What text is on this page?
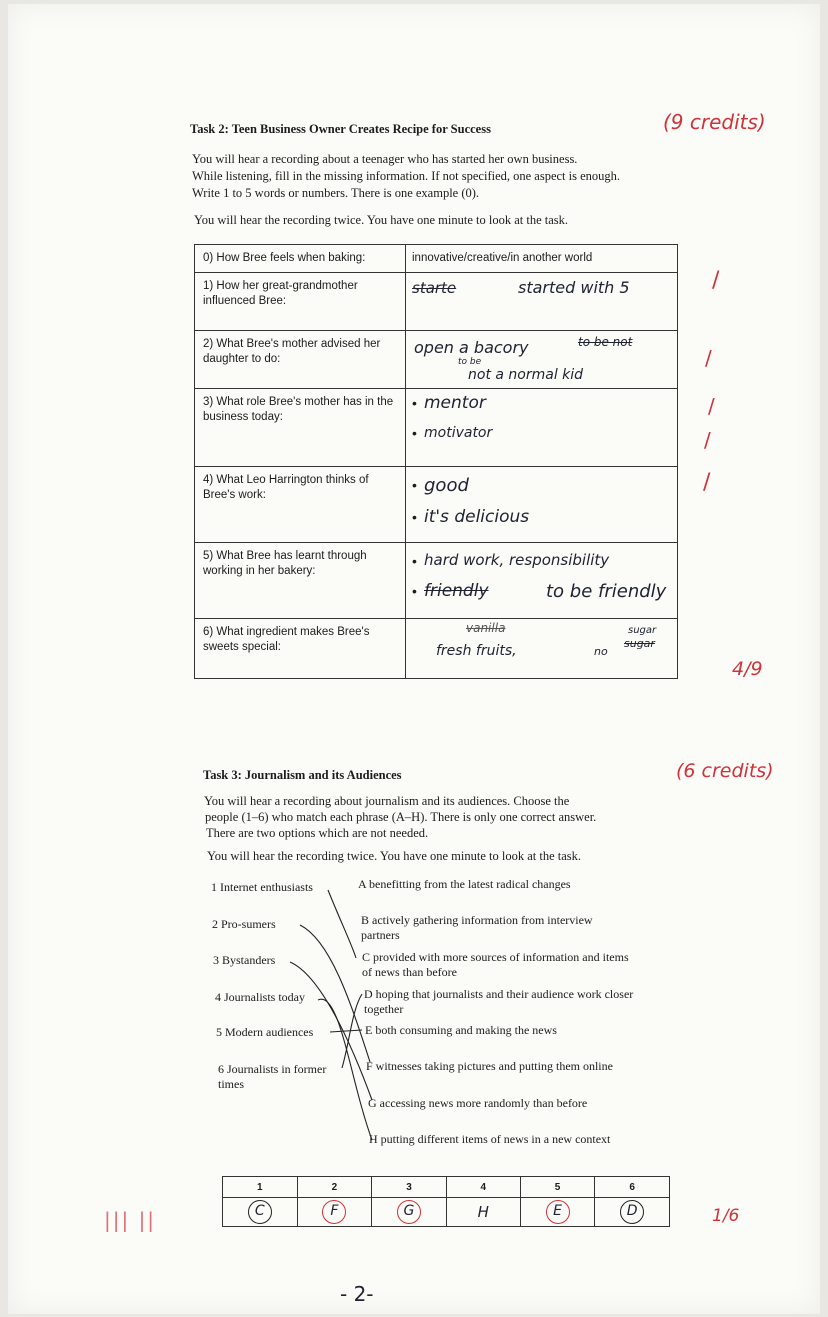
Task 2: Teen Business Owner Creates Recipe for Success	(9 credits)
You will hear a recording about a teenager who has started her own business.
While listening, fill in the missing information. If not specified, one aspect is enough.
Write 1 to 5 words or numbers. There is one example (0).
You will hear the recording twice. You have one minute to look at the task.
0) How Bree feels when baking:	innovative/creative/in another world
1) How her great-grandmother influenced Bree:	starte started with 5

2) What Bree's mother advised her daughter to do:	open a bacory to be not
to be
not a normal kid

3) What role Bree's mother has in the business today:	• mentor
• motivator

4) What Leo Harrington thinks of Bree's work:	• good
• it's delicious

5) What Bree has learnt through working in her bakery:	• hard work, responsibility
• friendly to be friendly

6) What ingredient makes Bree's sweets special:	vanilla
fresh fruits, no
sugar
sugar
/
/
/
/
/
4/9
Task 3: Journalism and its Audiences	(6 credits)
You will hear a recording about journalism and its audiences. Choose the
people (1–6) who match each phrase (A–H). There is only one correct answer.
There are two options which are not needed.
You will hear the recording twice. You have one minute to look at the task.
1 Internet enthusiasts
2 Pro-sumers
3 Bystanders
4 Journalists today
5 Modern audiences
6 Journalists in former times
A benefitting from the latest radical changes
B actively gathering information from interview partners
C provided with more sources of information and items of news than before
D hoping that journalists and their audience work closer together
E both consuming and making the news
F witnesses taking pictures and putting them online
G accessing news more randomly than before
H putting different items of news in a new context
1	2	3	4	5	6
C	F	G	H	E	D
||| ||	1/6
- 2-
